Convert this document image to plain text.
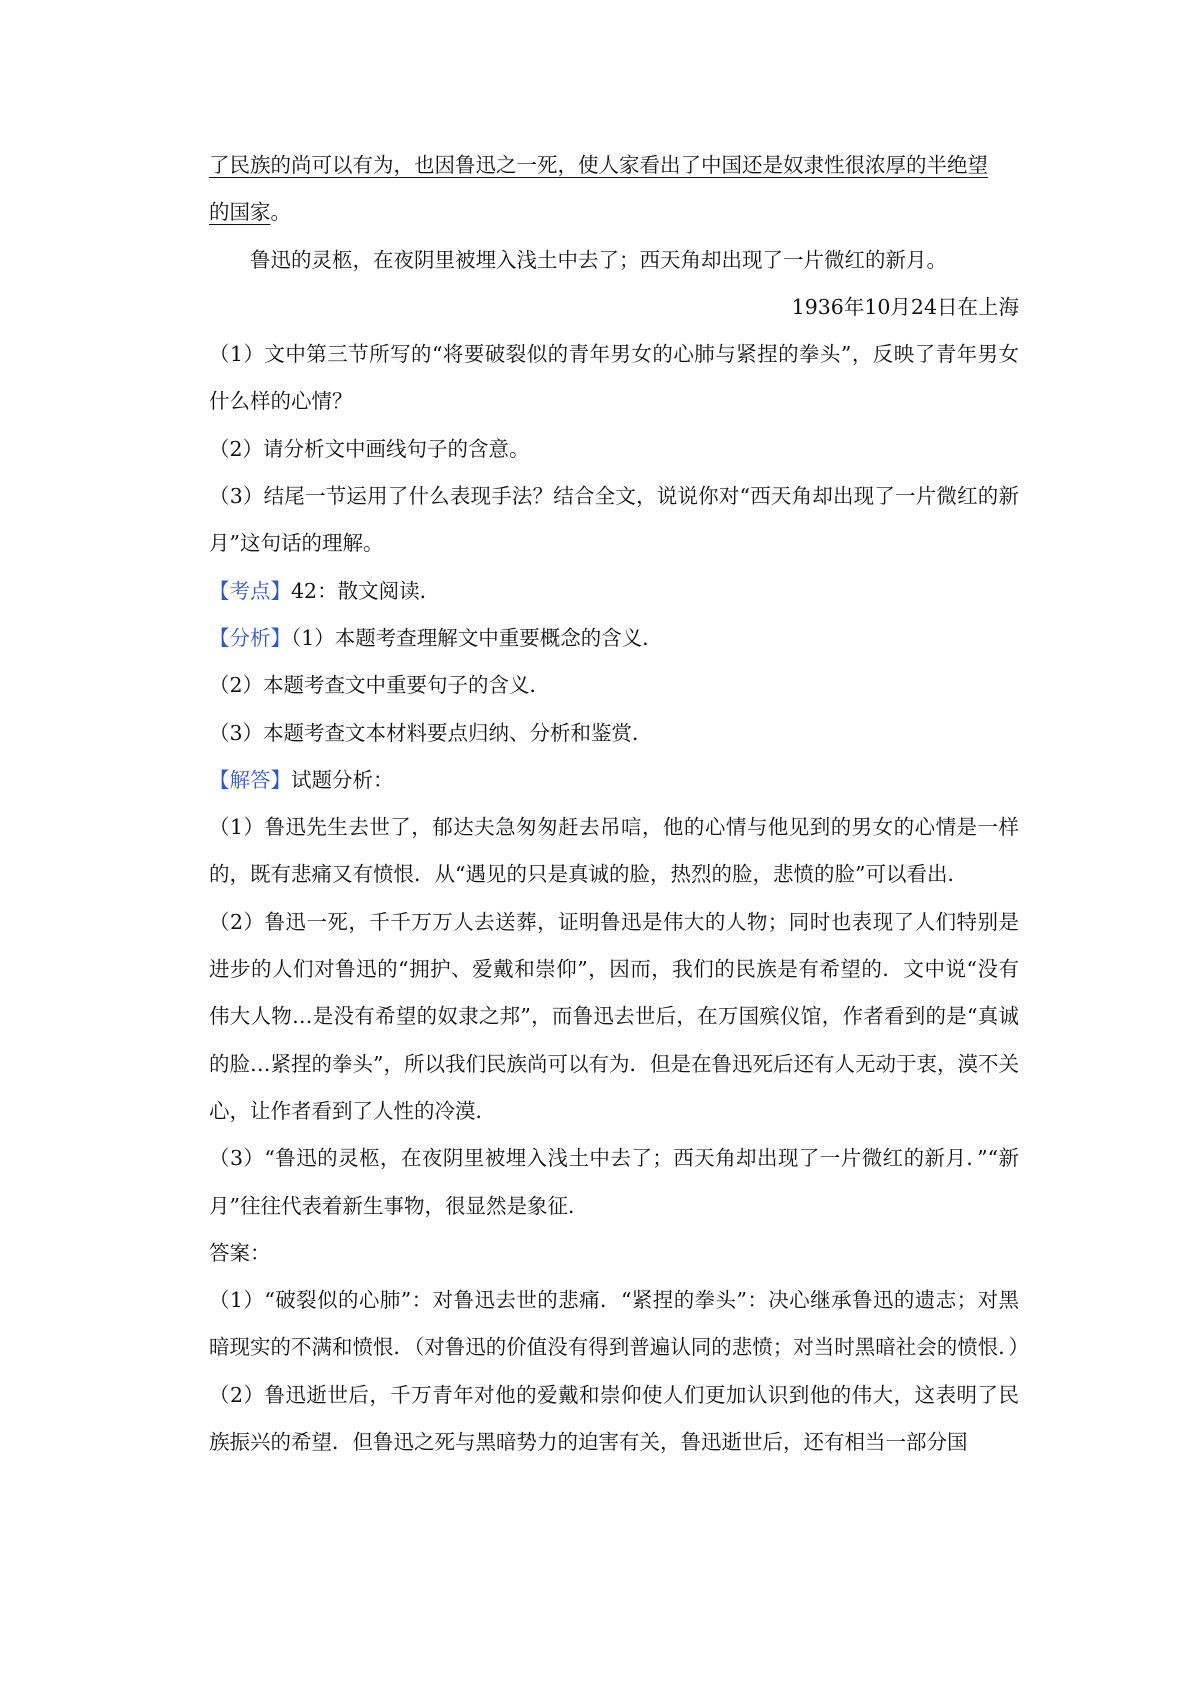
了民族的尚可以有为，也因鲁迅之一死，使人家看出了中国还是奴隶性很浓厚的半绝望
的国家。
鲁迅的灵柩，在夜阴里被埋入浅土中去了；西天角却出现了一片微红的新月。
1936年10月24日在上海
（1）文中第三节所写的“将要破裂似的青年男女的心肺与紧捏的拳头”，反映了青年男女什么样的心情？
（2）请分析文中画线句子的含意。
（3）结尾一节运用了什么表现手法？结合全文，说说你对“西天角却出现了一片微红的新月”这句话的理解。
【考点】42：散文阅读．
【分析】（1）本题考查理解文中重要概念的含义．
（2）本题考查文中重要句子的含义．
（3）本题考查文本材料要点归纳、分析和鉴赏．
【解答】试题分析：
（1）鲁迅先生去世了，郁达夫急匆匆赶去吊唁，他的心情与他见到的男女的心情是一样的，既有悲痛又有愤恨．从“遇见的只是真诚的脸，热烈的脸，悲愤的脸”可以看出．
（2）鲁迅一死，千千万万人去送葬，证明鲁迅是伟大的人物；同时也表现了人们特别是进步的人们对鲁迅的“拥护、爱戴和崇仰”，因而，我们的民族是有希望的．文中说“没有伟大人物…是没有希望的奴隶之邦”，而鲁迅去世后，在万国殡仪馆，作者看到的是“真诚的脸…紧捏的拳头”，所以我们民族尚可以有为．但是在鲁迅死后还有人无动于衷，漠不关心，让作者看到了人性的冷漠．
（3）“鲁迅的灵柩，在夜阴里被埋入浅土中去了；西天角却出现了一片微红的新月．”“新月”往往代表着新生事物，很显然是象征．
答案：
（1）“破裂似的心肺”：对鲁迅去世的悲痛．“紧捏的拳头”：决心继承鲁迅的遗志；对黑暗现实的不满和愤恨．（对鲁迅的价值没有得到普遍认同的悲愤；对当时黑暗社会的愤恨．）
（2）鲁迅逝世后，千万青年对他的爱戴和崇仰使人们更加认识到他的伟大，这表明了民族振兴的希望．但鲁迅之死与黑暗势力的迫害有关，鲁迅逝世后，还有相当一部分国
